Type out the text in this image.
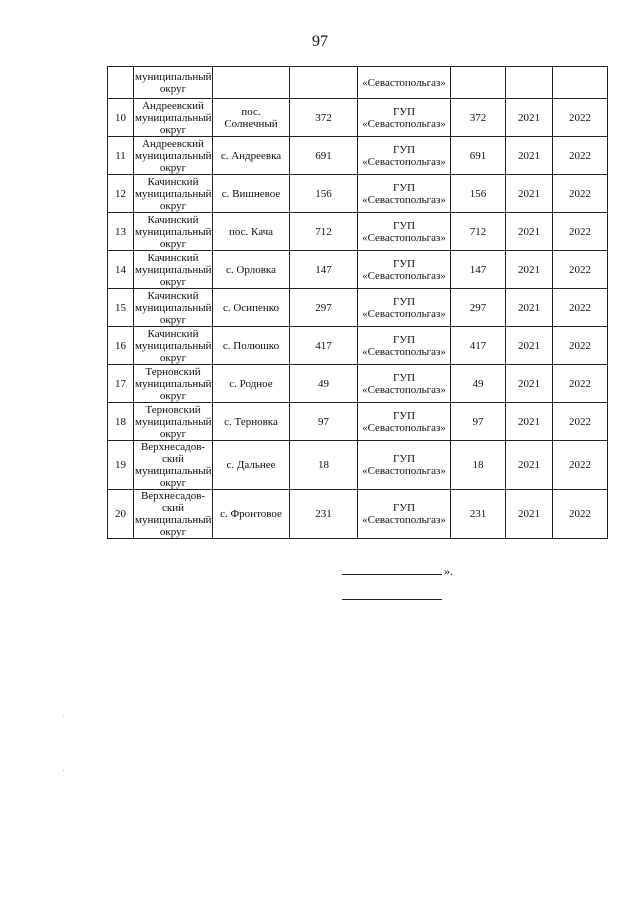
97
	муниципальный округ			«Севастопольгаз»			
10	Андреевский муниципальный округ	пос. Солнечный	372	ГУП «Севастопольгаз»	372	2021	2022
11	Андреевский муниципальный округ	с. Андреевка	691	ГУП «Севастопольгаз»	691	2021	2022
12	Качинский муниципальный округ	с. Вишневое	156	ГУП «Севастопольгаз»	156	2021	2022
13	Качинский муниципальный округ	пос. Кача	712	ГУП «Севастопольгаз»	712	2021	2022
14	Качинский муниципальный округ	с. Орловка	147	ГУП «Севастопольгаз»	147	2021	2022
15	Качинский муниципальный округ	с. Осипенко	297	ГУП «Севастопольгаз»	297	2021	2022
16	Качинский муниципальный округ	с. Полюшко	417	ГУП «Севастопольгаз»	417	2021	2022
17	Терновский муниципальный округ	с. Родное	49	ГУП «Севастопольгаз»	49	2021	2022
18	Терновский муниципальный округ	с. Терновка	97	ГУП «Севастопольгаз»	97	2021	2022
19	Верхнесадов-ский муниципальный округ	с. Дальнее	18	ГУП «Севастопольгаз»	18	2021	2022
20	Верхнесадов-ский муниципальный округ	с. Фронтовое	231	ГУП «Севастопольгаз»	231	2021	2022
».
